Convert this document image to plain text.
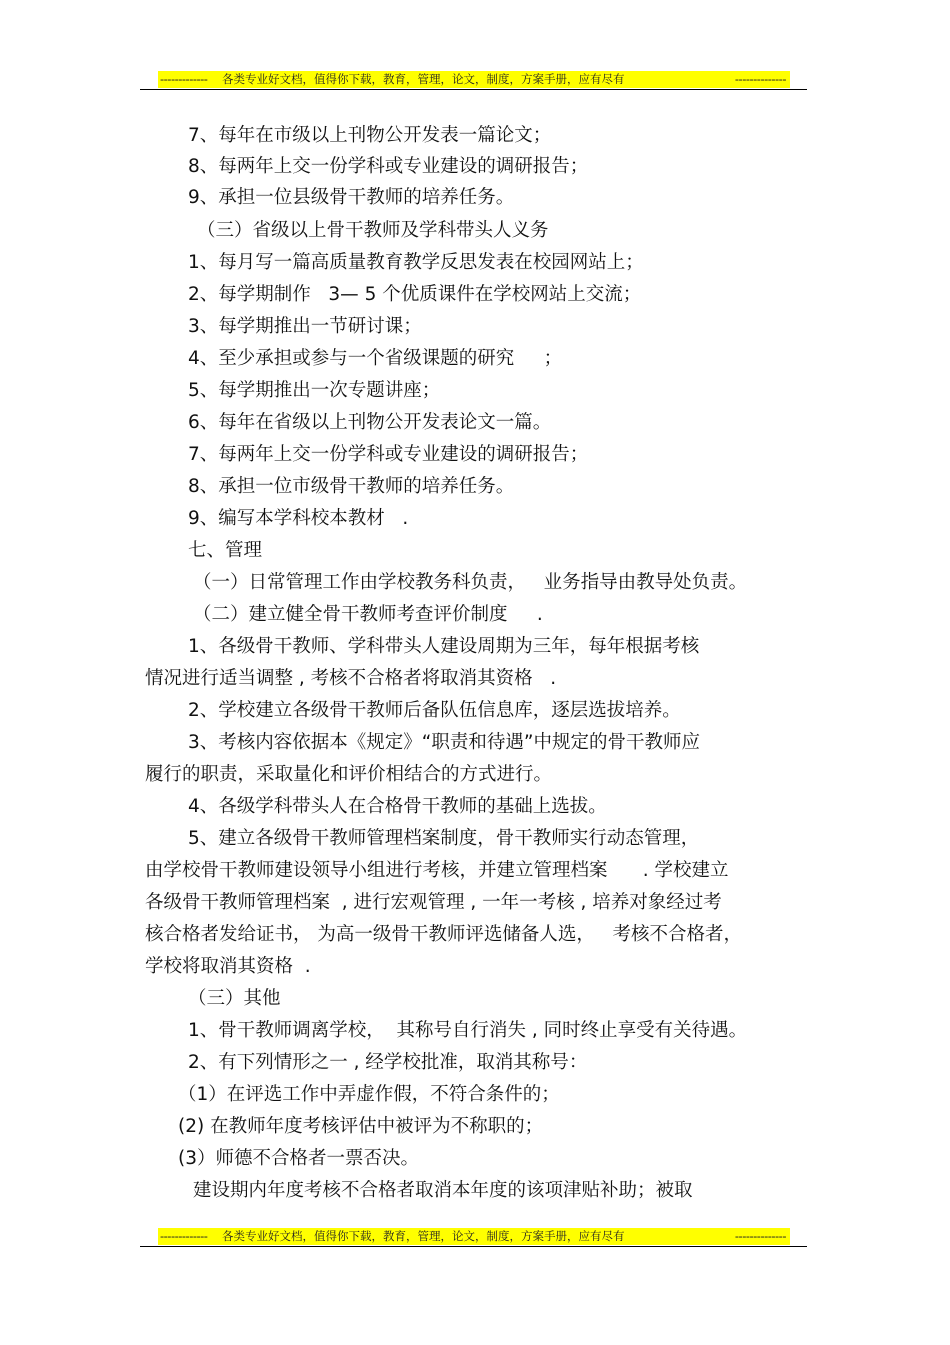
------------- 各类专业好文档，值得你下载，教育，管理，论文，制度，方案手册，应有尽有	--------------
7、每年在市级以上刊物公开发表一篇论文；
8、每两年上交一份学科或专业建设的调研报告；
9、承担一位县级骨干教师的培养任务。
（三）省级以上骨干教师及学科带头人义务
1、每月写一篇高质量教育教学反思发表在校园网站上；
2、每学期制作   3— 5 个优质课件在学校网站上交流；
3、每学期推出一节研讨课；
4、至少承担或参与一个省级课题的研究     ；
5、每学期推出一次专题讲座；
6、每年在省级以上刊物公开发表论文一篇。
7、每两年上交一份学科或专业建设的调研报告；
8、承担一位市级骨干教师的培养任务。
9、编写本学科校本教材   .
七、管理
（一）日常管理工作由学校教务科负责，   业务指导由教导处负责。
（二）建立健全骨干教师考查评价制度     .
1、各级骨干教师、学科带头人建设周期为三年，每年根据考核
情况进行适当调整 , 考核不合格者将取消其资格   .
2、学校建立各级骨干教师后备队伍信息库，逐层选拔培养。
3、考核内容依据本《规定》“职责和待遇”中规定的骨干教师应
履行的职责，采取量化和评价相结合的方式进行。
4、各级学科带头人在合格骨干教师的基础上选拔。
5、建立各级骨干教师管理档案制度，骨干教师实行动态管理，
由学校骨干教师建设领导小组进行考核，并建立管理档案      . 学校建立
各级骨干教师管理档案  , 进行宏观管理 , 一年一考核 , 培养对象经过考
核合格者发给证书， 为高一级骨干教师评选储备人选，   考核不合格者，
学校将取消其资格  .
（三）其他
1、骨干教师调离学校，  其称号自行消失 , 同时终止享受有关待遇。
2、有下列情形之一 , 经学校批准，取消其称号：
（1）在评选工作中弄虚作假，不符合条件的；
(2) 在教师年度考核评估中被评为不称职的；
(3）师德不合格者一票否决。
建设期内年度考核不合格者取消本年度的该项津贴补助；被取
------------- 各类专业好文档，值得你下载，教育，管理，论文，制度，方案手册，应有尽有	--------------
